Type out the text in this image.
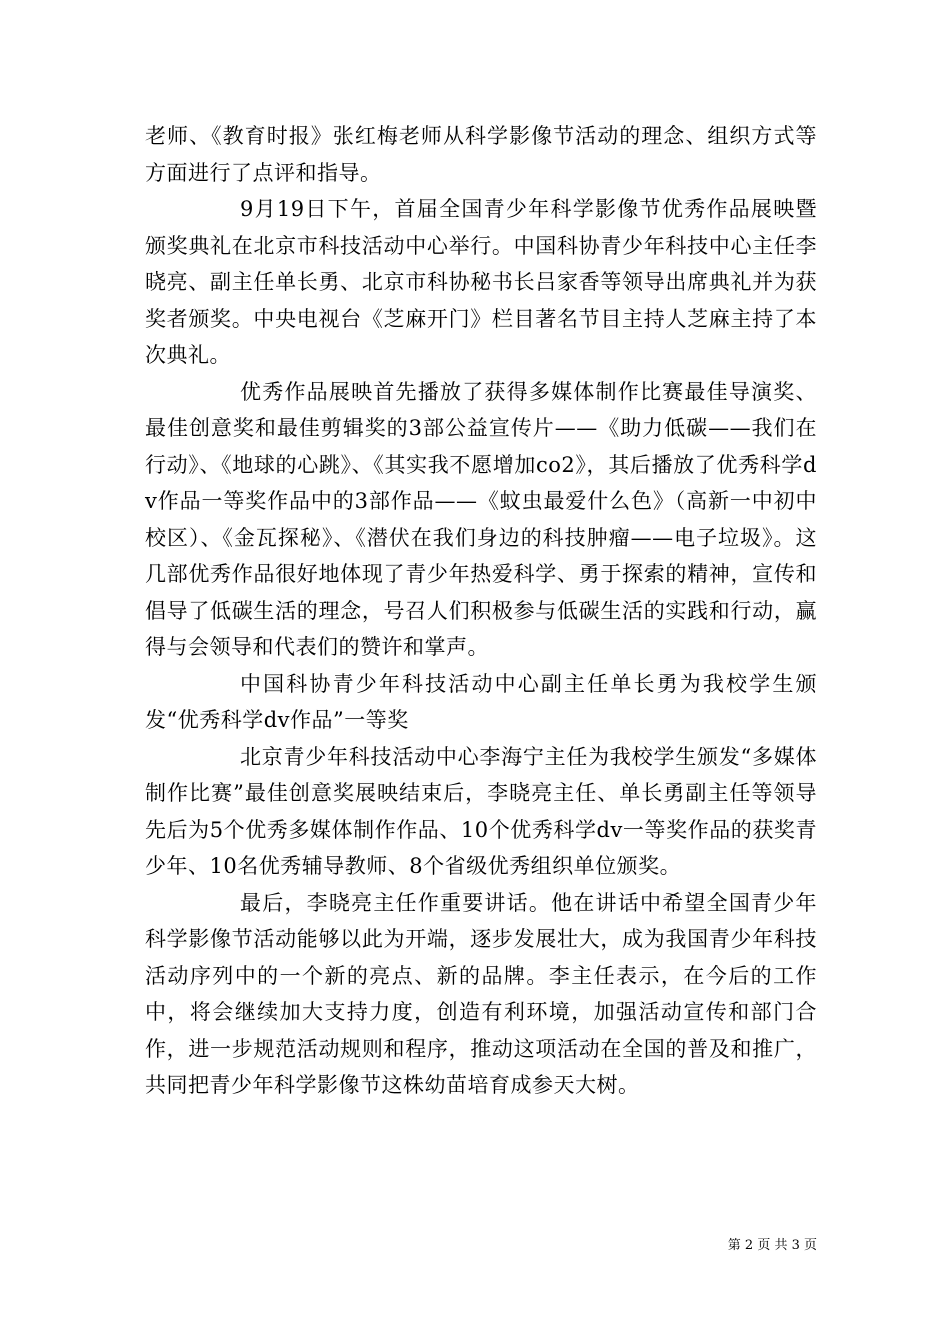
老师、《教育时报》张红梅老师从科学影像节活动的理念、组织方式等方面进行了点评和指导。

9月19日下午，首届全国青少年科学影像节优秀作品展映暨颁奖典礼在北京市科技活动中心举行。中国科协青少年科技中心主任李晓亮、副主任单长勇、北京市科协秘书长吕家香等领导出席典礼并为获奖者颁奖。中央电视台《芝麻开门》栏目著名节目主持人芝麻主持了本次典礼。

优秀作品展映首先播放了获得多媒体制作比赛最佳导演奖、最佳创意奖和最佳剪辑奖的3部公益宣传片——《助力低碳——我们在行动》、《地球的心跳》、《其实我不愿增加co2》，其后播放了优秀科学dv作品一等奖作品中的3部作品——《蚊虫最爱什么色》（高新一中初中校区）、《金瓦探秘》、《潜伏在我们身边的科技肿瘤——电子垃圾》。这几部优秀作品很好地体现了青少年热爱科学、勇于探索的精神，宣传和倡导了低碳生活的理念，号召人们积极参与低碳生活的实践和行动，赢得与会领导和代表们的赞许和掌声。

中国科协青少年科技活动中心副主任单长勇为我校学生颁发“优秀科学dv作品”一等奖

北京青少年科技活动中心李海宁主任为我校学生颁发“多媒体制作比赛”最佳创意奖展映结束后，李晓亮主任、单长勇副主任等领导先后为5个优秀多媒体制作作品、10个优秀科学dv一等奖作品的获奖青少年、10名优秀辅导教师、8个省级优秀组织单位颁奖。

最后，李晓亮主任作重要讲话。他在讲话中希望全国青少年科学影像节活动能够以此为开端，逐步发展壮大，成为我国青少年科技活动序列中的一个新的亮点、新的品牌。李主任表示，在今后的工作中，将会继续加大支持力度，创造有利环境，加强活动宣传和部门合作，进一步规范活动规则和程序，推动这项活动在全国的普及和推广，共同把青少年科学影像节这株幼苗培育成参天大树。

第 2 页 共 3 页
